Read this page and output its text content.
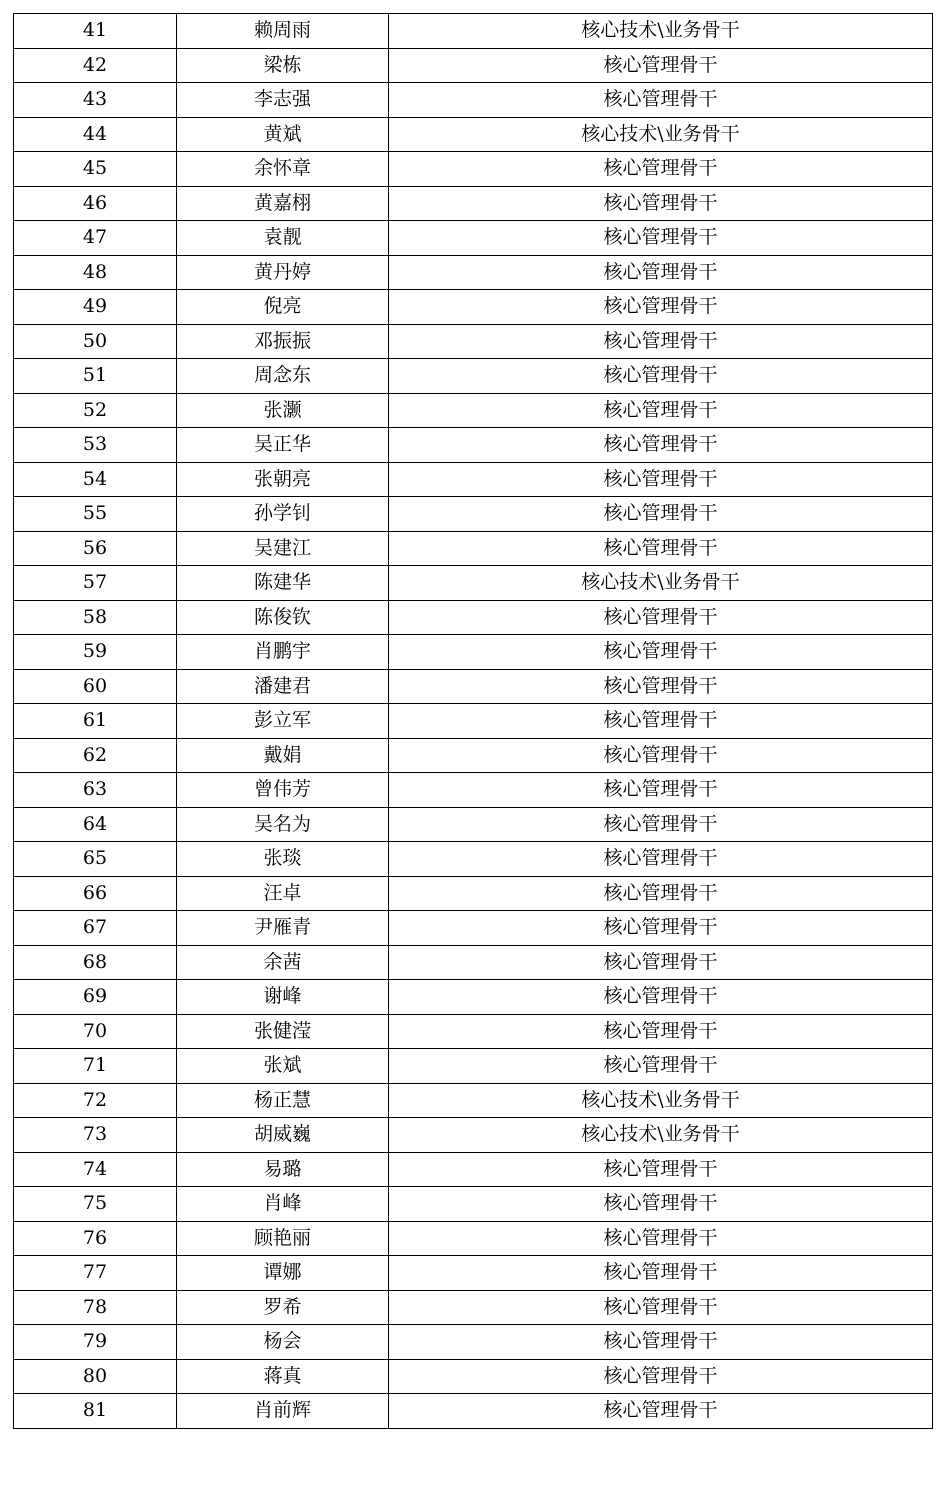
41	赖周雨	核心技术\业务骨干
42	梁栋	核心管理骨干
43	李志强	核心管理骨干
44	黄斌	核心技术\业务骨干
45	余怀章	核心管理骨干
46	黄嘉栩	核心管理骨干
47	袁靓	核心管理骨干
48	黄丹婷	核心管理骨干
49	倪亮	核心管理骨干
50	邓振振	核心管理骨干
51	周念东	核心管理骨干
52	张灏	核心管理骨干
53	吴正华	核心管理骨干
54	张朝亮	核心管理骨干
55	孙学钊	核心管理骨干
56	吴建江	核心管理骨干
57	陈建华	核心技术\业务骨干
58	陈俊钦	核心管理骨干
59	肖鹏宇	核心管理骨干
60	潘建君	核心管理骨干
61	彭立军	核心管理骨干
62	戴娟	核心管理骨干
63	曾伟芳	核心管理骨干
64	吴名为	核心管理骨干
65	张琰	核心管理骨干
66	汪卓	核心管理骨干
67	尹雁青	核心管理骨干
68	余茜	核心管理骨干
69	谢峰	核心管理骨干
70	张健滢	核心管理骨干
71	张斌	核心管理骨干
72	杨正慧	核心技术\业务骨干
73	胡威巍	核心技术\业务骨干
74	易璐	核心管理骨干
75	肖峰	核心管理骨干
76	顾艳丽	核心管理骨干
77	谭娜	核心管理骨干
78	罗希	核心管理骨干
79	杨会	核心管理骨干
80	蒋真	核心管理骨干
81	肖前辉	核心管理骨干
